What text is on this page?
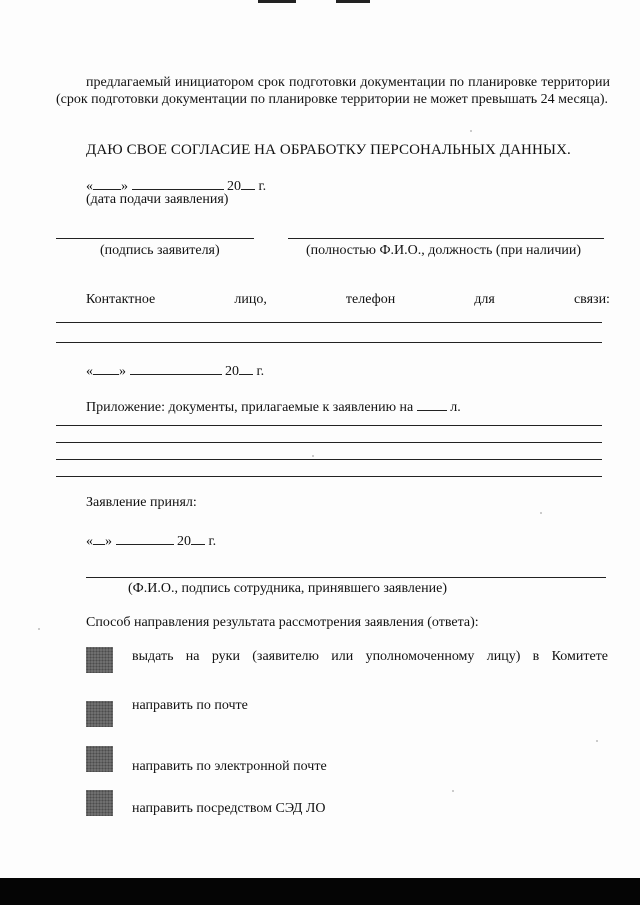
предлагаемый инициатором срок подготовки документации по планировке территории (срок подготовки документации по планировке территории не может превышать 24 месяца).
ДАЮ СВОЕ СОГЛАСИЕ НА ОБРАБОТКУ ПЕРСОНАЛЬНЫХ ДАННЫХ.
« »	20 г.
(дата подачи заявления)
(подпись заявителя)	(полностью Ф.И.О., должность (при наличии)
Контактное	лицо,	телефон	для	связи:
« »	20 г.
Приложение: документы, прилагаемые к заявлению на	л.
Заявление принял:
« »	20 г.
(Ф.И.О., подпись сотрудника, принявшего заявление)
Способ направления результата рассмотрения заявления (ответа):
выдать на руки (заявителю или уполномоченному лицу) в Комитете
направить по почте
направить по электронной почте
направить посредством СЭД ЛО
